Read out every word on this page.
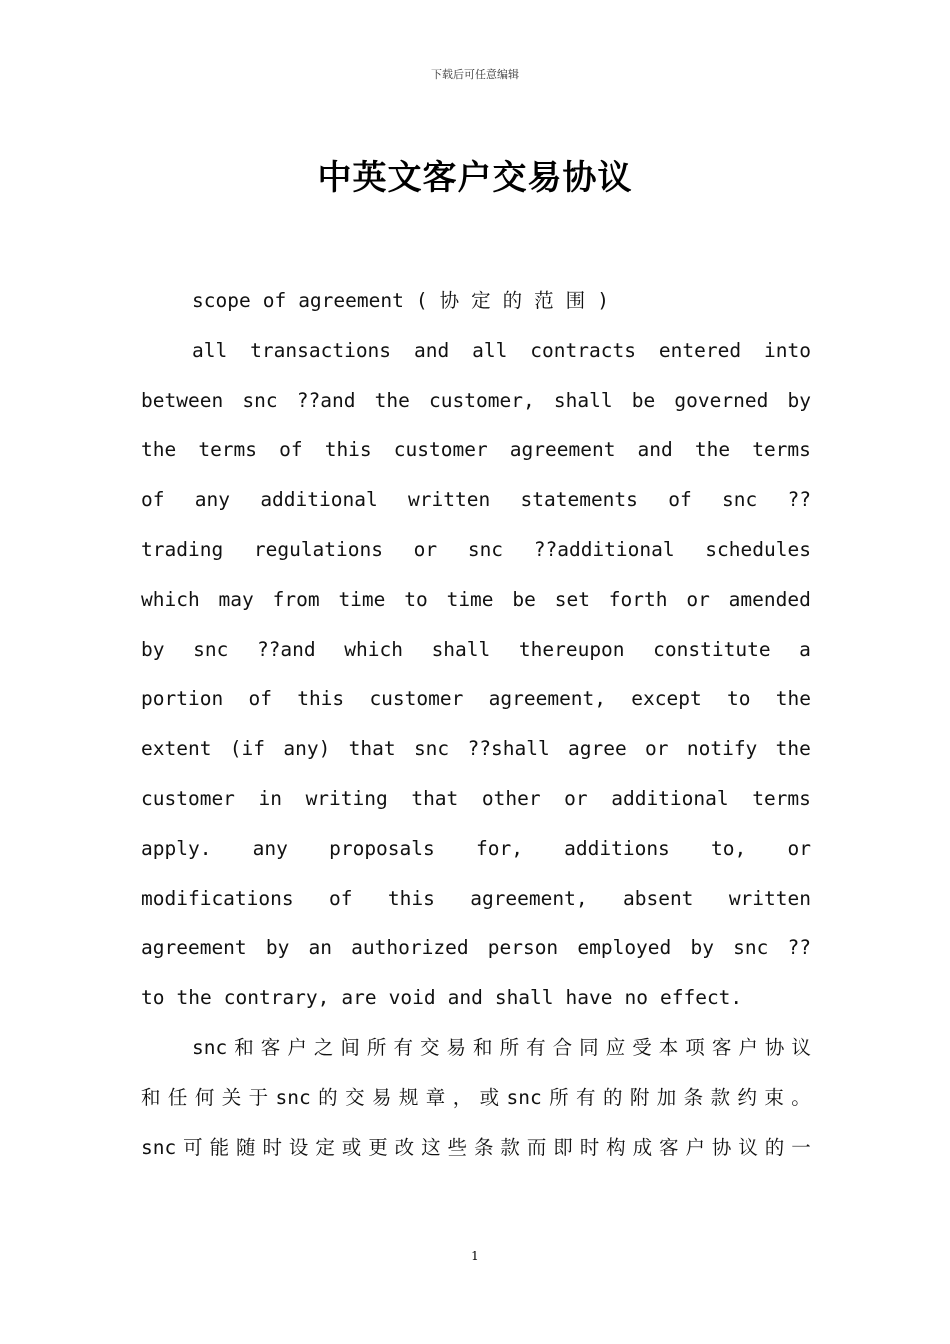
下载后可任意编辑
中英文客户交易协议
scope of agreement ( 协 定 的 范 围 )
all transactions and all contracts entered into
between snc ??and the customer, shall be governed by
the terms of this customer agreement and the terms
of any additional written statements of snc ??
trading regulations or snc ??additional schedules
which may from time to time be set forth or amended
by snc ??and which shall thereupon constitute a
portion of this customer agreement, except to the
extent (if any) that snc ??shall agree or notify the
customer in writing that other or additional terms
apply. any proposals for, additions to, or
modifications of this agreement, absent written
agreement by an authorized person employed by snc ??
to the contrary, are void and shall have no effect.
snc 和 客 户 之 间 所 有 交 易 和 所 有 合 同 应 受 本 项 客 户 协 议
和 任 何 关 于 snc 的 交 易 规 章 ， 或 snc 所 有 的 附 加 条 款 约 束 。
snc 可 能 随 时 设 定 或 更 改 这 些 条 款 而 即 时 构 成 客 户 协 议 的 一
1
